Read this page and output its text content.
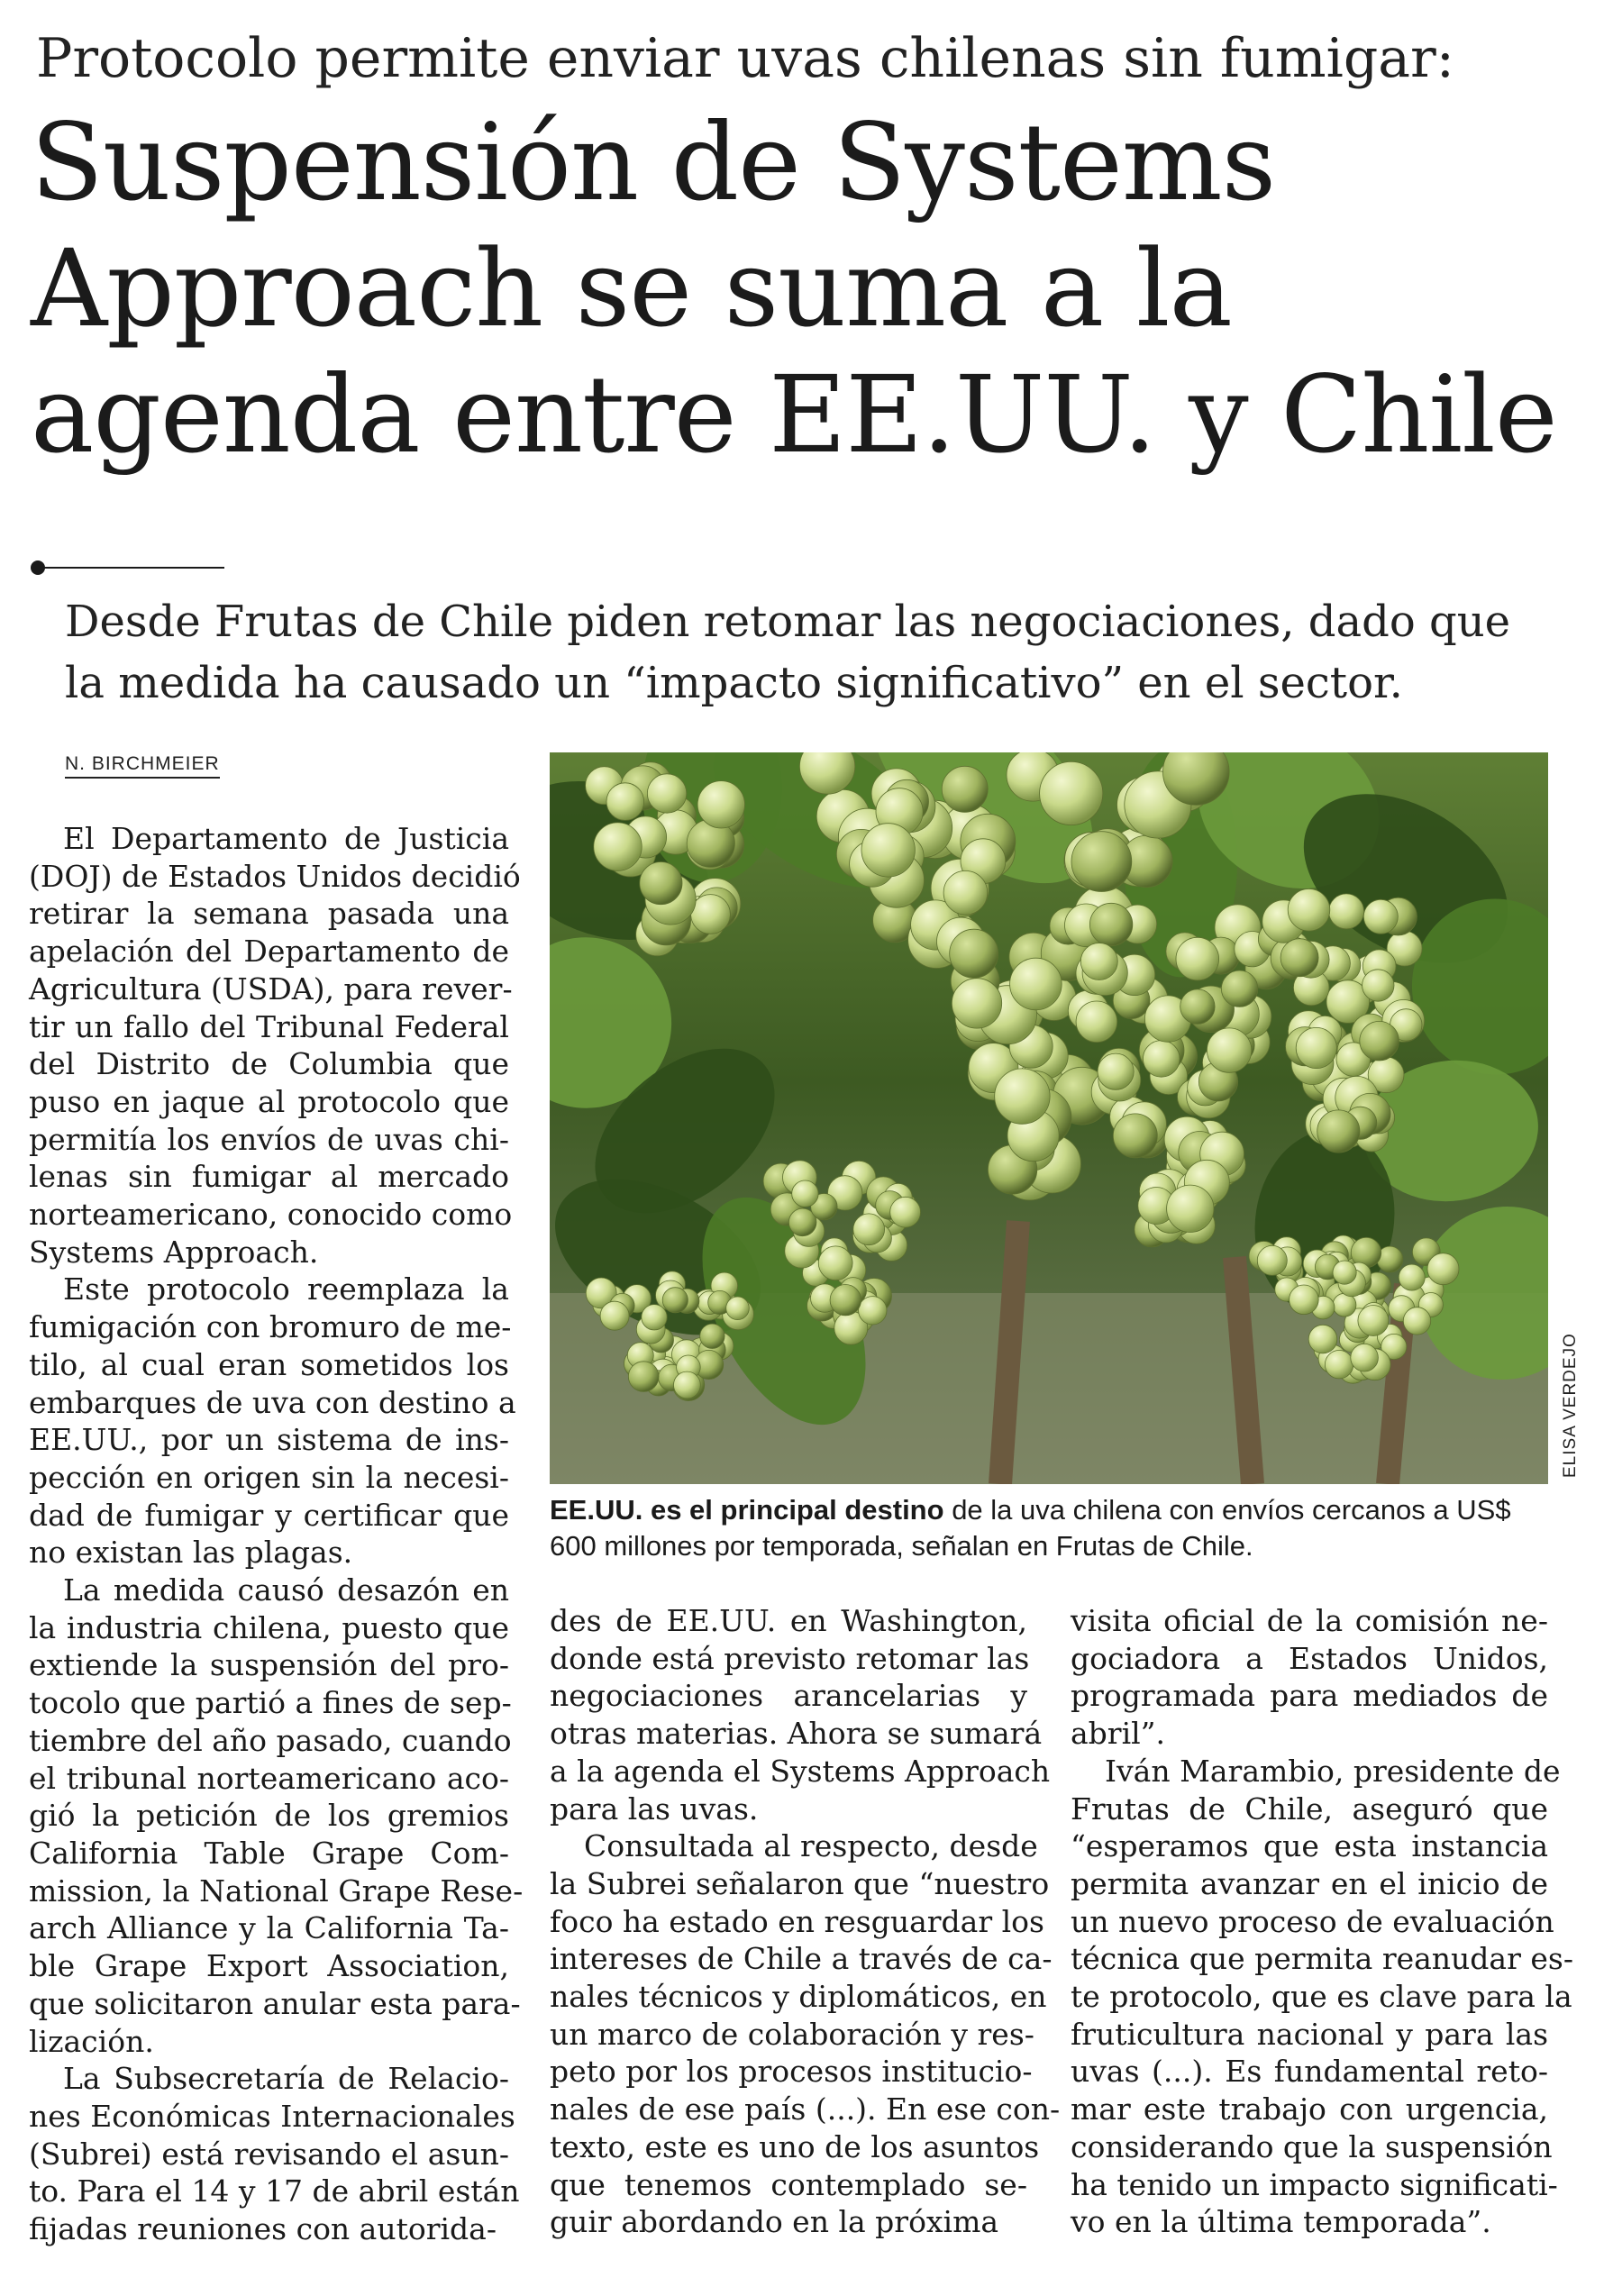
Protocolo permite enviar uvas chilenas sin fumigar:
Suspensión de Systems
Approach se suma a la
agenda entre EE.UU. y Chile
Desde Frutas de Chile piden retomar las negociaciones, dado que
la medida ha causado un “impacto significativo” en el sector.
N. BIRCHMEIER
El Departamento de Justicia
(DOJ) de Estados Unidos decidió
retirar la semana pasada una
apelación del Departamento de
Agricultura (USDA), para rever-
tir un fallo del Tribunal Federal
del Distrito de Columbia que
puso en jaque al protocolo que
permitía los envíos de uvas chi-
lenas sin fumigar al mercado
norteamericano, conocido como
Systems Approach.
Este protocolo reemplaza la
fumigación con bromuro de me-
tilo, al cual eran sometidos los
embarques de uva con destino a
EE.UU., por un sistema de ins-
pección en origen sin la necesi-
dad de fumigar y certificar que
no existan las plagas.
La medida causó desazón en
la industria chilena, puesto que
extiende la suspensión del pro-
tocolo que partió a fines de sep-
tiembre del año pasado, cuando
el tribunal norteamericano aco-
gió la petición de los gremios
California Table Grape Com-
mission, la National Grape Rese-
arch Alliance y la California Ta-
ble Grape Export Association,
que solicitaron anular esta para-
lización.
La Subsecretaría de Relacio-
nes Económicas Internacionales
(Subrei) está revisando el asun-
to. Para el 14 y 17 de abril están
fijadas reuniones con autorida-
ELISA VERDEJO
EE.UU. es el principal destino de la uva chilena con envíos cercanos a US$
600 millones por temporada, señalan en Frutas de Chile.
des de EE.UU. en Washington,
donde está previsto retomar las
negociaciones arancelarias y
otras materias. Ahora se sumará
a la agenda el Systems Approach
para las uvas.
Consultada al respecto, desde
la Subrei señalaron que “nuestro
foco ha estado en resguardar los
intereses de Chile a través de ca-
nales técnicos y diplomáticos, en
un marco de colaboración y res-
peto por los procesos institucio-
nales de ese país (...). En ese con-
texto, este es uno de los asuntos
que tenemos contemplado se-
guir abordando en la próxima
visita oficial de la comisión ne-
gociadora a Estados Unidos,
programada para mediados de
abril”.
Iván Marambio, presidente de
Frutas de Chile, aseguró que
“esperamos que esta instancia
permita avanzar en el inicio de
un nuevo proceso de evaluación
técnica que permita reanudar es-
te protocolo, que es clave para la
fruticultura nacional y para las
uvas (...). Es fundamental reto-
mar este trabajo con urgencia,
considerando que la suspensión
ha tenido un impacto significati-
vo en la última temporada”.
